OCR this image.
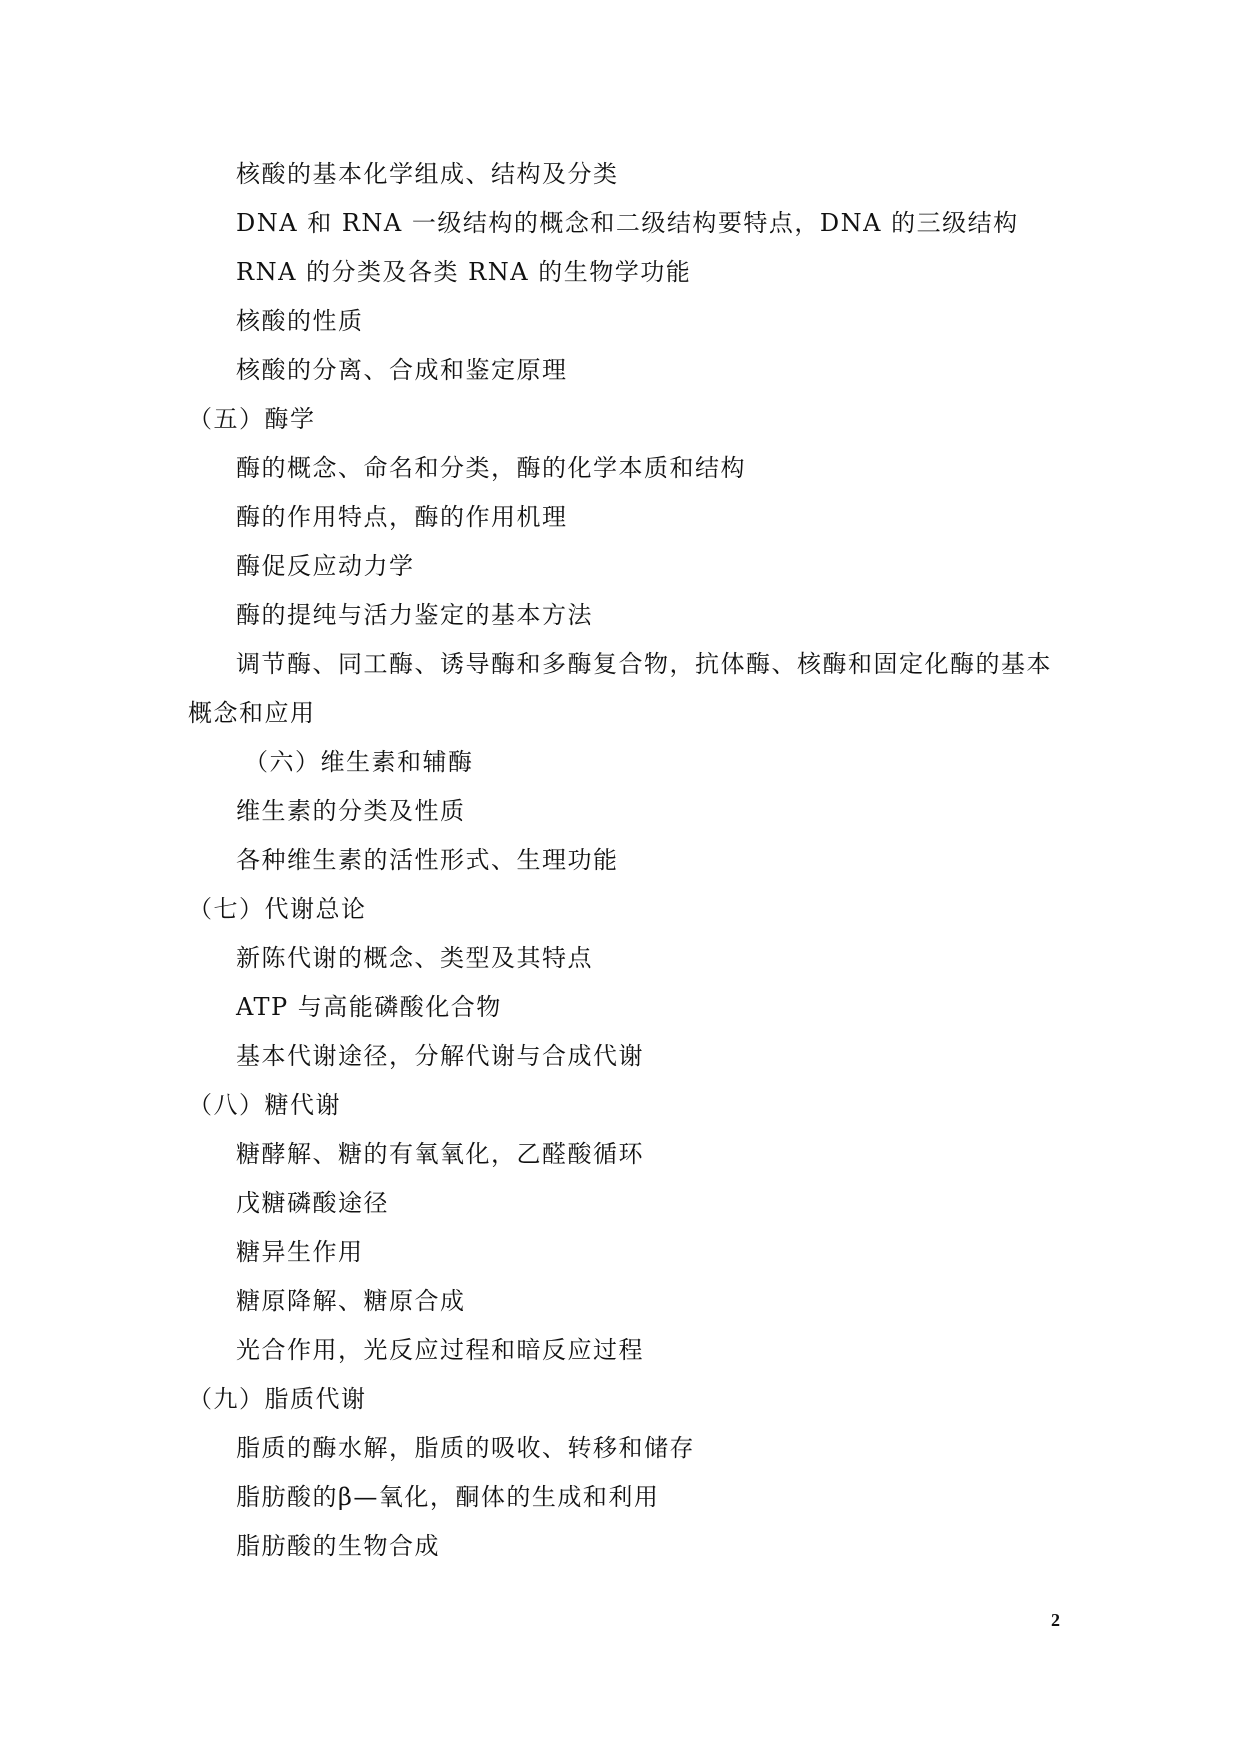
核酸的基本化学组成、结构及分类
DNA 和 RNA 一级结构的概念和二级结构要特点，DNA 的三级结构
RNA 的分类及各类 RNA 的生物学功能
核酸的性质
核酸的分离、合成和鉴定原理
（五）酶学
酶的概念、命名和分类，酶的化学本质和结构
酶的作用特点，酶的作用机理
酶促反应动力学
酶的提纯与活力鉴定的基本方法
调节酶、同工酶、诱导酶和多酶复合物，抗体酶、核酶和固定化酶的基本概念和应用
（六）维生素和辅酶
维生素的分类及性质
各种维生素的活性形式、生理功能
（七）代谢总论
新陈代谢的概念、类型及其特点
ATP 与高能磷酸化合物
基本代谢途径，分解代谢与合成代谢
（八）糖代谢
糖酵解、糖的有氧氧化，乙醛酸循环
戊糖磷酸途径
糖异生作用
糖原降解、糖原合成
光合作用，光反应过程和暗反应过程
（九）脂质代谢
脂质的酶水解，脂质的吸收、转移和储存
脂肪酸的β—氧化，酮体的生成和利用
脂肪酸的生物合成
2
